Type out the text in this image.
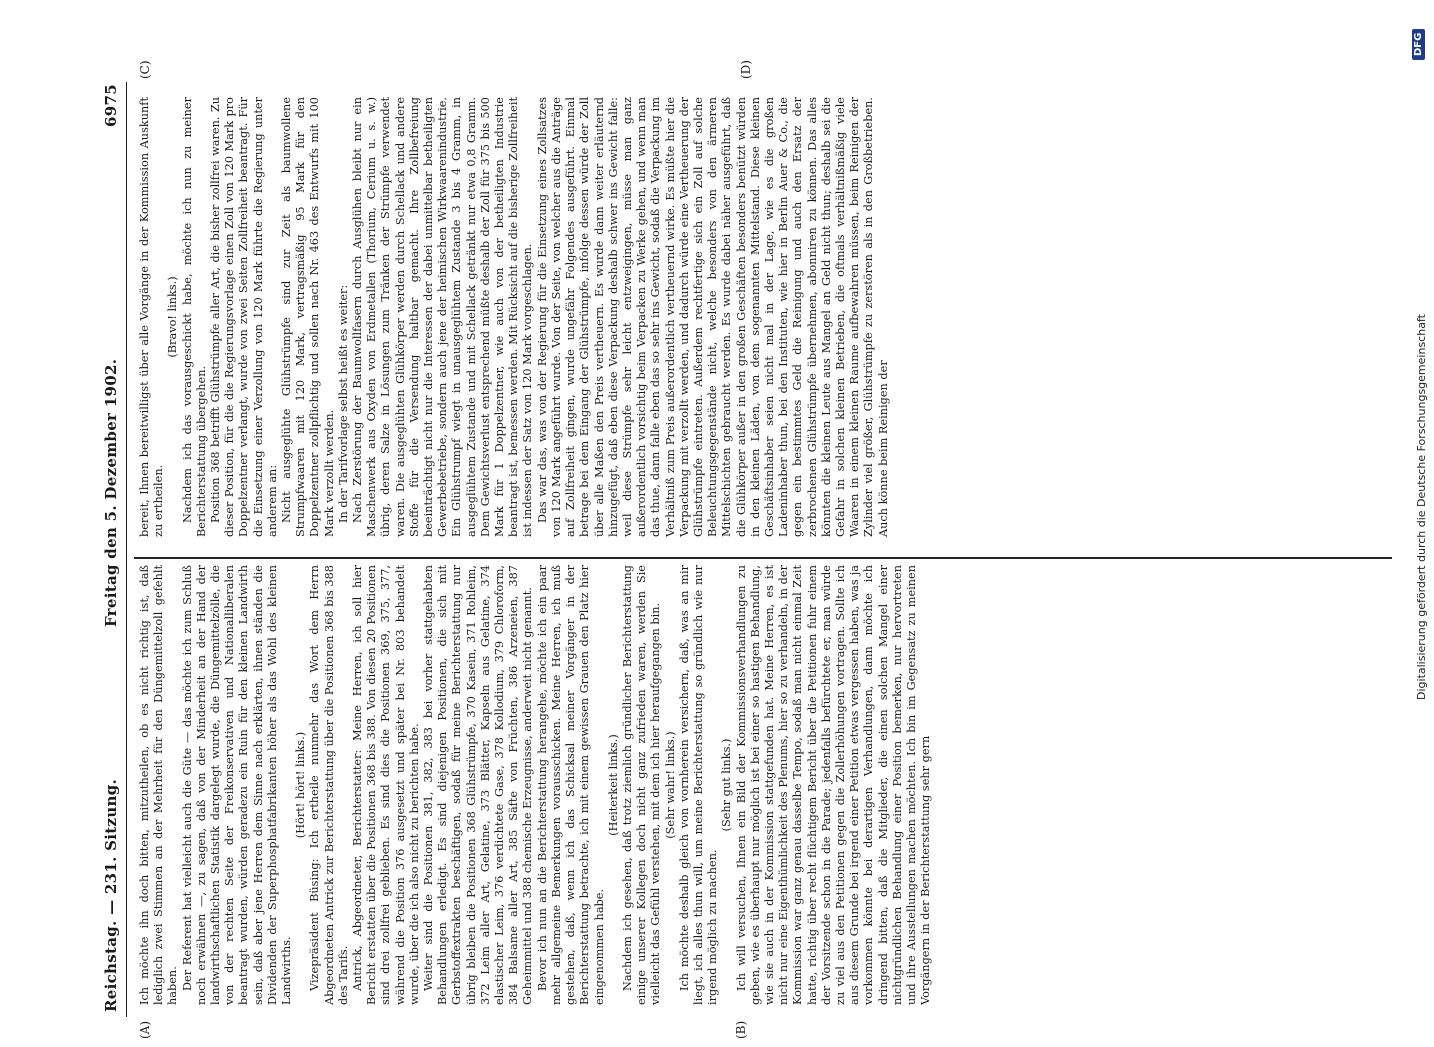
Reichstag. — 231. Sitzung.
Freitag den 5. Dezember 1902.
6975
(A)	(B)
(C)	(D)

Ich möchte ihn doch bitten, mitzutheilen, ob es nicht richtig ist, daß lediglich zwei Stimmen an der Mehrheit für den Düngemittelzoll gefehlt haben. Der Referent hat vielleicht auch die Güte — das möchte ich zum Schluß noch erwähnen —, zu sagen, daß von der Minderheit an der Hand der landwirthschaftlichen Statistik dargelegt wurde, die Düngemittelzölle, die von der rechten Seite der Freikonservativen und Nationalliberalen beantragt wurden, würden geradezu ein Ruin für den kleinen Landwirth sein, daß aber jene Herren dem Sinne nach erklärten, ihnen ständen die Dividenden der Superphosphatfabrikanten höher als das Wohl des kleinen Landwirths.

(Hört! hört! links.) Vizepräsident Büsing: Ich ertheile nunmehr das Wort dem Herrn Abgeordneten Antrick zur Berichterstattung über die Positionen 368 bis 388 des Tarifs. Antrick, Abgeordneter, Berichterstatter: Meine Herren, ich soll hier Bericht erstatten über die Positionen 368 bis 388. Von diesen 20 Positionen sind drei zollfrei geblieben. Es sind dies die Positionen 369, 375, 377, während die Position 376 ausgesetzt und später bei Nr. 803 behandelt wurde, über die ich also nicht zu berichten habe. Weiter sind die Positionen 381, 382, 383 bei vorher stattgehabten Behandlungen erledigt. Es sind diejenigen Positionen, die sich mit Gerbstoffextrakten beschäftigen, sodaß für meine Berichterstattung nur übrig bleiben die Positionen 368 Glühstrümpfe, 370 Kasein, 371 Rohleim, 372 Leim aller Art, Gelatine, 373 Blätter, Kapseln aus Gelatine, 374 elastischer Leim, 376 verdichtete Gase, 378 Kollodium, 379 Chloroform, 384 Balsame aller Art, 385 Säfte von Früchten, 386 Arzeneien, 387 Geheimmittel und 388 chemische Erzeugnisse, anderweit nicht genannt. Bevor ich nun an die Berichterstattung herangehe, möchte ich ein paar mehr allgemeine Bemerkungen vorausschicken. Meine Herren, ich muß gestehen, daß, wenn ich das Schicksal meiner Vorgänger in der Berichterstattung betrachte, ich mit einem gewissen Grauen den Platz hier eingenommen habe.

(Heiterkeit links.) Nachdem ich gesehen, daß trotz ziemlich gründlicher Berichterstattung einige unserer Kollegen doch nicht ganz zufrieden waren, werden Sie vielleicht das Gefühl verstehen, mit dem ich hier heraufgegangen bin. (Sehr wahr! links.) Ich möchte deshalb gleich von vornherein versichern, daß, was an mir liegt, ich alles thun will, um meine Berichterstattung so gründlich wie nur irgend möglich zu machen.

(Sehr gut links.) Ich will versuchen, Ihnen ein Bild der Kommissionsverhandlungen zu geben, wie es überhaupt nur möglich ist bei einer so hastigen Behandlung, wie sie auch in der Kommission stattgefunden hat. Meine Herren, es ist nicht nur eine Eigenthümlichkeit des Plenums, hier so zu verhandeln, in der Kommission war ganz genau dasselbe Tempo, sodaß man nicht einmal Zeit hatte, richtig über recht flüchtigem Bericht über die Petitionen fuhr einem der Vorsitzende schon in die Parade; jedenfalls befürchtete er, man würde zu viel aus den Petitionen gegen die Zollerhöhungen vortragen. Sollte ich aus diesem Grunde bei irgend einer Petition etwas vergessen haben, was ja vorkommen könnte bei derartigen Verhandlungen, dann möchte ich dringend bitten, daß die Mitglieder, die einen solchen Mangel einer nichtgründlichen Behandlung einer Position bemerken, nur hervortreten und ihre Ausstellungen machen möchten. Ich bin im Gegensatz zu meinen Vorgängern in der Berichterstattung sehr gern

bereit, Ihnen bereitwilligst über alle Vorgänge in der Kommission Auskunft zu ertheilen.

(Bravo! links.) Nachdem ich das vorausgeschickt habe, möchte ich nun zu meiner Berichterstattung übergehen. Position 368 betrifft Glühstrümpfe aller Art, die bisher zollfrei waren. Zu dieser Position, für die die Regierungsvorlage einen Zoll von 120 Mark pro Doppelzentner verlangt, wurde von zwei Seiten Zollfreiheit beantragt. Für die Einsetzung einer Verzollung von 120 Mark führte die Regierung unter anderem an: Nicht ausgeglühte Glühstrümpfe sind zur Zeit als baumwollene Strumpfwaaren mit 120 Mark, vertragsmäßig 95 Mark für den Doppelzentner zollpflichtig und sollen nach Nr. 463 des Entwurfs mit 100 Mark verzollt werden. In der Tarifvorlage selbst heißt es weiter: Nach Zerstörung der Baumwollfasern durch Ausglühen bleibt nur ein Maschenwerk aus Oxyden von Erdmetallen (Thorium, Cerium u. s. w.) übrig, deren Salze in Lösungen zum Tränken der Strümpfe verwendet waren. Die ausgeglühten Glühkörper werden durch Schellack und andere Stoffe für die Versendung haltbar gemacht. Ihre Zollbefreiung beeinträchtigt nicht nur die Interessen der dabei unmittelbar betheiligten Gewerbebetriebe, sondern auch jene der heimischen Wirkwaarenindustrie. Ein Glühstrumpf wiegt in unausgeglühtem Zustande 3 bis 4 Gramm, in ausgeglühtem Zustande und mit Schellack getränkt nur etwa 0,8 Gramm. Dem Gewichtsverlust entsprechend müßte deshalb der Zoll für 375 bis 500 Mark für 1 Doppelzentner, wie auch von der betheiligten Industrie beantragt ist, bemessen werden. Mit Rücksicht auf die bisherige Zollfreiheit ist indessen der Satz von 120 Mark vorgeschlagen. Das war das, was von der Regierung für die Einsetzung eines Zollsatzes von 120 Mark angeführt wurde. Von der Seite, von welcher aus die Anträge auf Zollfreiheit gingen, wurde ungefähr Folgendes ausgeführt. Einmal betrage bei dem Eingang der Glühstrümpfe, infolge dessen würde der Zoll über alle Maßen den Preis vertheuern. Es wurde dann weiter erläuternd hinzugefügt, daß eben diese Verpackung deshalb schwer ins Gewicht falle: weil diese Strümpfe sehr leicht entzweigingen, müsse man ganz außerordentlich vorsichtig beim Verpacken zu Werke gehen, und wenn man das thue, dann falle eben das so sehr ins Gewicht, sodaß die Verpackung im Verhältniß zum Preis außerordentlich vertheuernd wirke. Es müßte hier die Verpackung mit verzollt werden, und dadurch würde eine Vertheuerung der Glühstrümpfe eintreten. Außerdem rechtfertige sich ein Zoll auf solche Beleuchtungsgegenstände nicht, welche besonders von den ärmeren Mittelschichten gebraucht werden. Es wurde dabei näher ausgeführt, daß die Glühkörper außer in den großen Geschäften besonders benützt würden in den kleinen Läden, von dem sogenannten Mittelstand. Diese kleinen Geschäftsinhaber seien nicht mal in der Lage, wie es die großen Ladeninhaber thun, bei den Instituten, wie hier in Berlin Auer & Co., die gegen ein bestimmtes Geld die Reinigung und auch den Ersatz der zerbrochenen Glühstrümpfe übernehmen, abonniren zu können. Das alles könnten die kleinen Leute aus Mangel an Geld nicht thun; deshalb sei die Gefahr in solchen kleinen Betrieben, die oftmals verhältnißmäßig viele Waaren in einem kleinen Raume aufbewahren müssen, beim Reinigen der Zylinder viel größer, Glühstrümpfe zu zerstören als in den Großbetrieben. Auch könne beim Reinigen der	Digitalisierung gefördert durch die Deutsche Forschungsgemeinschaft
DFG
